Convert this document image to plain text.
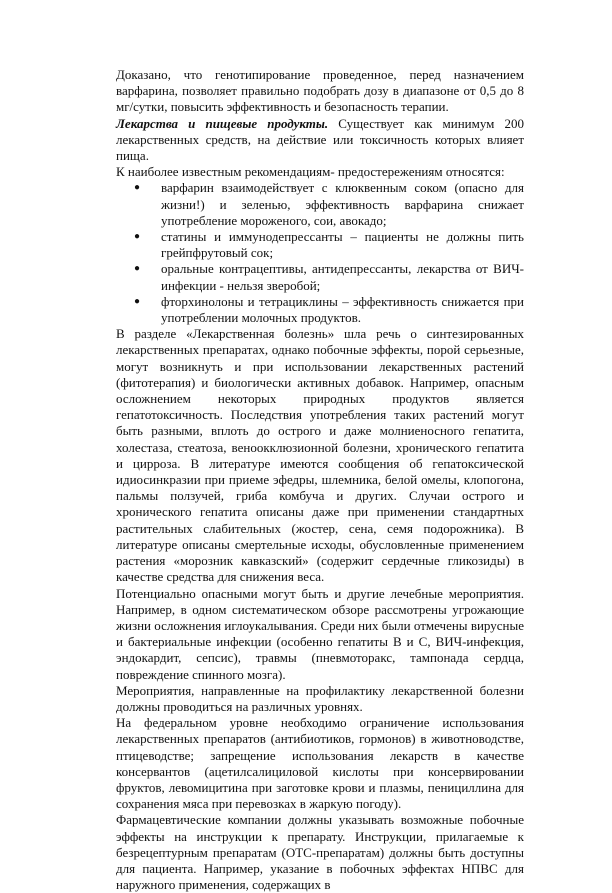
Доказано, что генотипирование проведенное, перед назначением варфарина, позволяет правильно подобрать дозу в диапазоне от 0,5 до 8 мг/сутки, повысить эффективность и безопасность терапии.

Лекарства и пищевые продукты. Существует как минимум 200 лекарственных средств, на действие или токсичность которых влияет пища.

К наиболее известным рекомендациям- предостережениям относятся:

● варфарин взаимодействует с клюквенным соком (опасно для жизни!) и зеленью, эффективность варфарина снижает употребление мороженого, сои, авокадо;
● статины и иммунодепрессанты – пациенты не должны пить грейпфрутовый сок;
● оральные контрацептивы, антидепрессанты, лекарства от ВИЧ-инфекции - нельзя зверобой;
● фторхинолоны и тетрациклины – эффективность снижается при употреблении молочных продуктов.

В разделе «Лекарственная болезнь» шла речь о синтезированных лекарственных препаратах, однако побочные эффекты, порой серьезные, могут возникнуть и при использовании лекарственных растений (фитотерапия) и биологически активных добавок. Например, опасным осложнением некоторых природных продуктов является гепатотоксичность. Последствия употребления таких растений могут быть разными, вплоть до острого и даже молниеносного гепатита, холестаза, стеатоза, веноокклюзионной болезни, хронического гепатита и цирроза. В литературе имеются сообщения об гепатоксической идиосинкразии при приеме эфедры, шлемника, белой омелы, клопогона, пальмы ползучей, гриба комбуча и других. Случаи острого и хронического гепатита описаны даже при применении стандартных растительных слабительных (жостер, сена, семя подорожника). В литературе описаны смертельные исходы, обусловленные применением растения «морозник кавказский» (содержит сердечные гликозиды) в качестве средства для снижения веса.

Потенциально опасными могут быть и другие лечебные мероприятия. Например, в одном систематическом обзоре рассмотрены угрожающие жизни осложнения иглоукалывания. Среди них были отмечены вирусные и бактериальные инфекции (особенно гепатиты В и С, ВИЧ-инфекция, эндокардит, сепсис), травмы (пневмоторакс, тампонада сердца, повреждение спинного мозга).

Мероприятия, направленные на профилактику лекарственной болезни должны проводиться на различных уровнях.

На федеральном уровне необходимо ограничение использования лекарственных препаратов (антибиотиков, гормонов) в животноводстве, птицеводстве; запрещение использования лекарств в качестве консервантов (ацетилсалициловой кислоты при консервировании фруктов, левомицитина при заготовке крови и плазмы, пенициллина для сохранения мяса при перевозках в жаркую погоду).

Фармацевтические компании должны указывать возможные побочные эффекты на инструкции к препарату. Инструкции, прилагаемые к безрецептурным препаратам (ОТС-препаратам) должны быть доступны для пациента. Например, указание в побочных эффектах НПВС для наружного применения, содержащих в
